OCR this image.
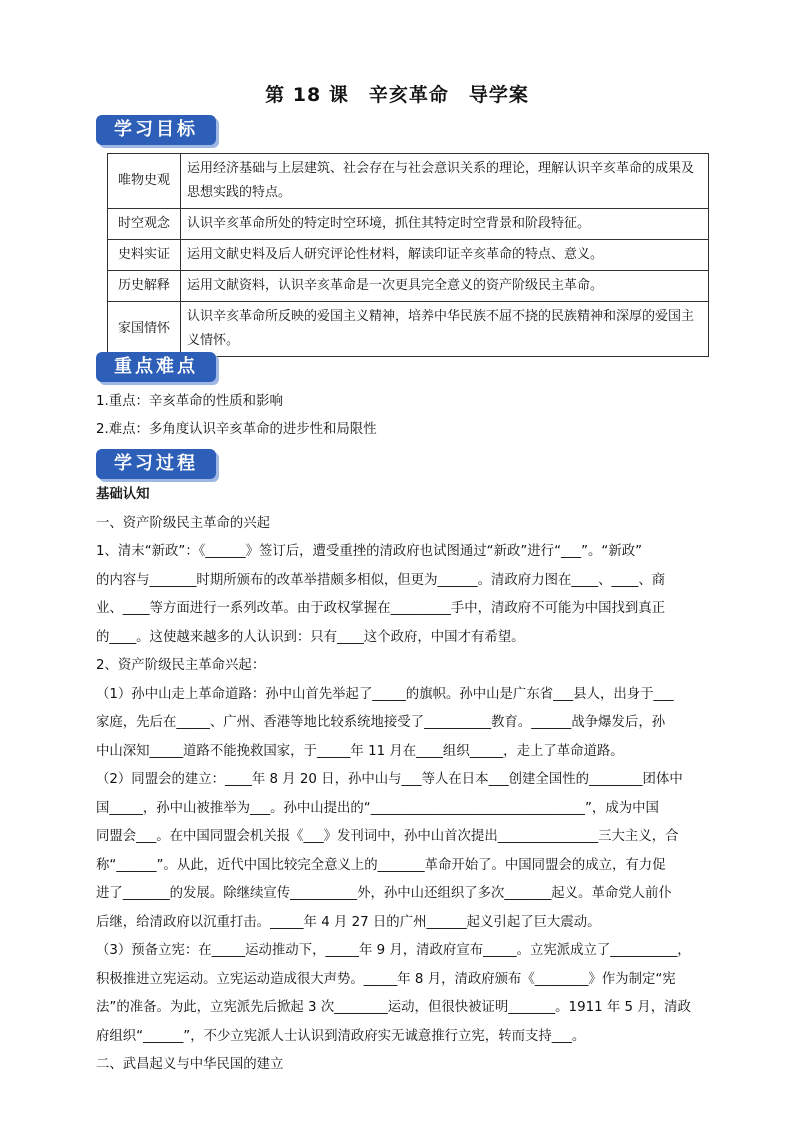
第 18 课　辛亥革命　导学案
学习目标
唯物史观	运用经济基础与上层建筑、社会存在与社会意识关系的理论，理解认识辛亥革命的成果及思想实践的特点。
时空观念	认识辛亥革命所处的特定时空环境，抓住其特定时空背景和阶段特征。
史料实证	运用文献史料及后人研究评论性材料，解读印证辛亥革命的特点、意义。
历史解释	运用文献资料，认识辛亥革命是一次更具完全意义的资产阶级民主革命。
家国情怀	认识辛亥革命所反映的爱国主义精神，培养中华民族不屈不挠的民族精神和深厚的爱国主义情怀。
重点难点
1.重点：辛亥革命的性质和影响
2.难点：多角度认识辛亥革命的进步性和局限性
学习过程
基础认知
一、资产阶级民主革命的兴起
1、清末“新政”：《______》签订后，遭受重挫的清政府也试图通过“新政”进行“___”。“新政”
的内容与_______时期所颁布的改革举措颇多相似，但更为______。清政府力图在____、____、商
业、____等方面进行一系列改革。由于政权掌握在_________手中，清政府不可能为中国找到真正
的____。这使越来越多的人认识到：只有____这个政府，中国才有希望。
2、资产阶级民主革命兴起：
（1）孙中山走上革命道路：孙中山首先举起了_____的旗帜。孙中山是广东省___县人，出身于___
家庭，先后在_____、广州、香港等地比较系统地接受了__________教育。______战争爆发后，孙
中山深知_____道路不能挽救国家，于_____年 11 月在____组织_____，走上了革命道路。
（2）同盟会的建立：____年 8 月 20 日，孙中山与___等人在日本___创建全国性的________团体中
国_____，孙中山被推举为___。孙中山提出的“________________________________”，成为中国
同盟会___。在中国同盟会机关报《___》发刊词中，孙中山首次提出_______________三大主义，合
称“______”。从此，近代中国比较完全意义上的_______革命开始了。中国同盟会的成立，有力促
进了_______的发展。除继续宣传__________外，孙中山还组织了多次_______起义。革命党人前仆
后继，给清政府以沉重打击。_____年 4 月 27 日的广州______起义引起了巨大震动。
（3）预备立宪：在_____运动推动下，_____年 9 月，清政府宣布_____。立宪派成立了__________，
积极推进立宪运动。立宪运动造成很大声势。_____年 8 月，清政府颁布《________》作为制定“宪
法”的准备。为此，立宪派先后掀起 3 次________运动，但很快被证明_______。1911 年 5 月，清政
府组织“______”，不少立宪派人士认识到清政府实无诚意推行立宪，转而支持___。
二、武昌起义与中华民国的建立
